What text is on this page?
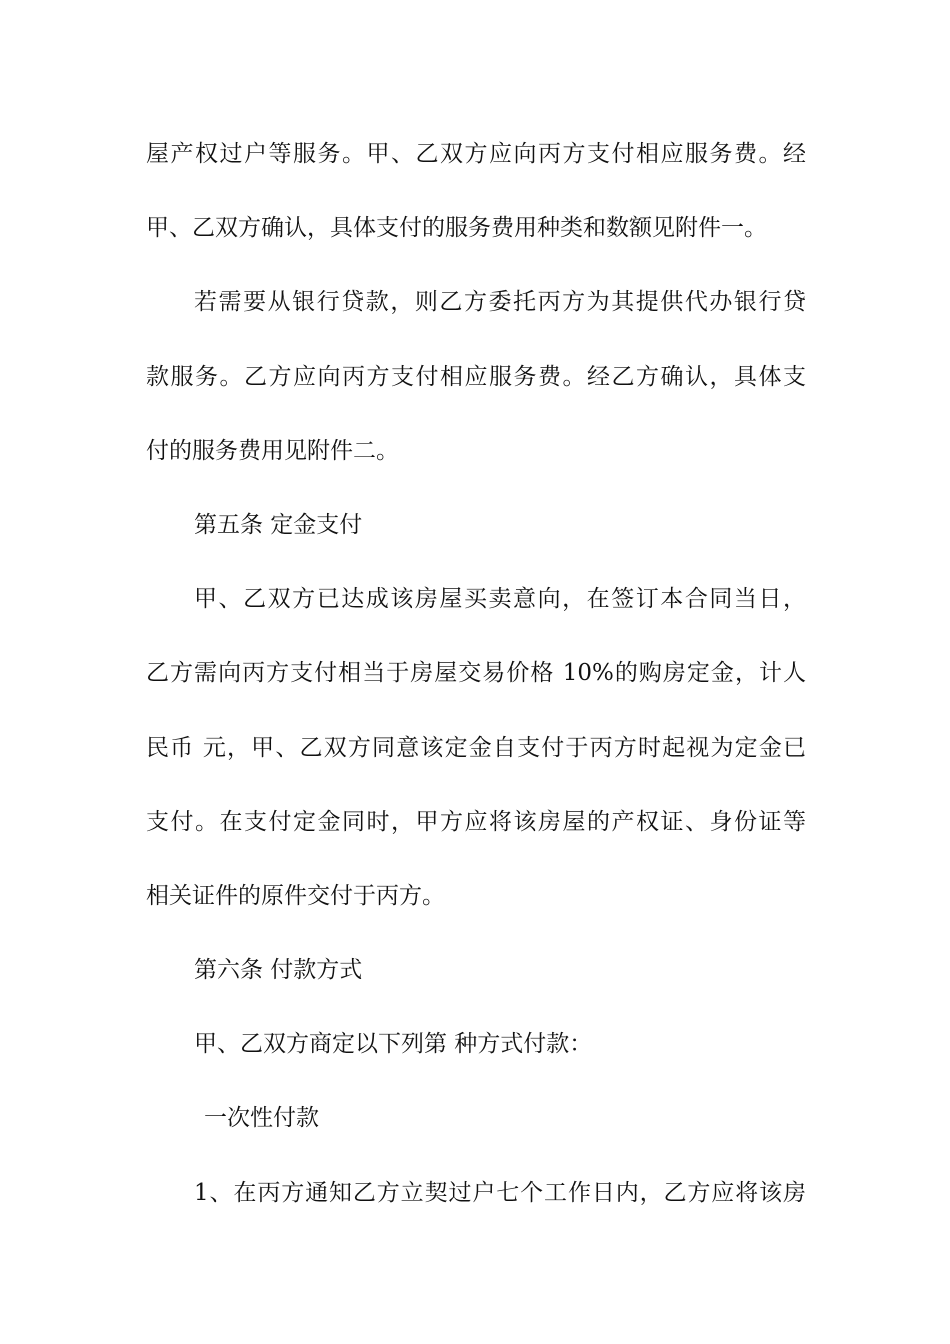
屋产权过户等服务。甲、乙双方应向丙方支付相应服务费。经
甲、乙双方确认，具体支付的服务费用种类和数额见附件一。
若需要从银行贷款，则乙方委托丙方为其提供代办银行贷
款服务。乙方应向丙方支付相应服务费。经乙方确认，具体支
付的服务费用见附件二。
第五条 定金支付
甲、乙双方已达成该房屋买卖意向，在签订本合同当日，
乙方需向丙方支付相当于房屋交易价格 10%的购房定金，计人
民币 元，甲、乙双方同意该定金自支付于丙方时起视为定金已
支付。在支付定金同时，甲方应将该房屋的产权证、身份证等
相关证件的原件交付于丙方。
第六条 付款方式
甲、乙双方商定以下列第 种方式付款：
一次性付款
1、在丙方通知乙方立契过户七个工作日内，乙方应将该房
